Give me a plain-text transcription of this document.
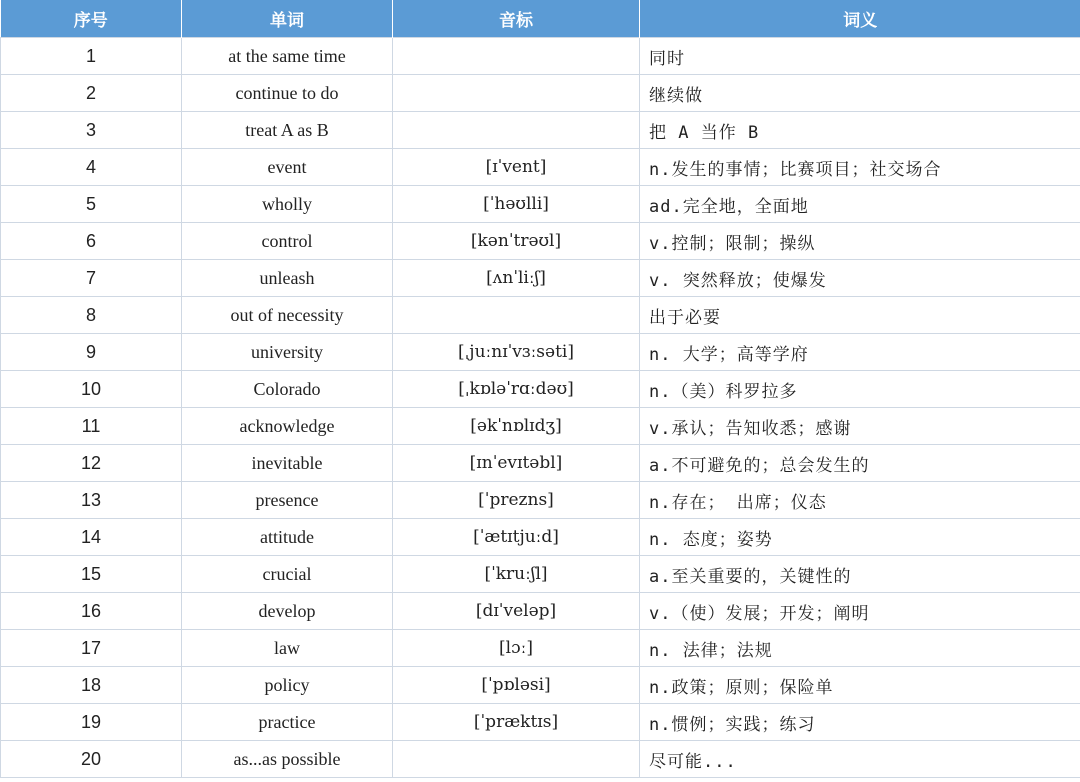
序号	单词	音标	词义
1	at the same time		同时
2	continue to do		继续做
3	treat A as B		把 A 当作 B
4	event	[ɪˈvent]	n.发生的事情；比赛项目；社交场合
5	wholly	[ˈhəʊlli]	ad.完全地，全面地
6	control	[kənˈtrəʊl]	v.控制；限制；操纵
7	unleash	[ʌnˈliːʃ]	v. 突然释放；使爆发
8	out of necessity		出于必要
9	university	[ˌjuːnɪˈvɜːsəti]	n. 大学；高等学府
10	Colorado	[ˌkɒləˈrɑːdəʊ]	n.（美）科罗拉多
11	acknowledge	[əkˈnɒlɪdʒ]	v.承认；告知收悉；感谢
12	inevitable	[ɪnˈevɪtəbl]	a.不可避免的；总会发生的
13	presence	[ˈprezns]	n.存在； 出席；仪态
14	attitude	[ˈætɪtjuːd]	n. 态度；姿势
15	crucial	[ˈkruːʃl]	a.至关重要的，关键性的
16	develop	[dɪˈveləp]	v.（使）发展；开发；阐明
17	law	[lɔː]	n. 法律；法规
18	policy	[ˈpɒləsi]	n.政策；原则；保险单
19	practice	[ˈpræktɪs]	n.惯例；实践；练习
20	as...as possible		尽可能...
